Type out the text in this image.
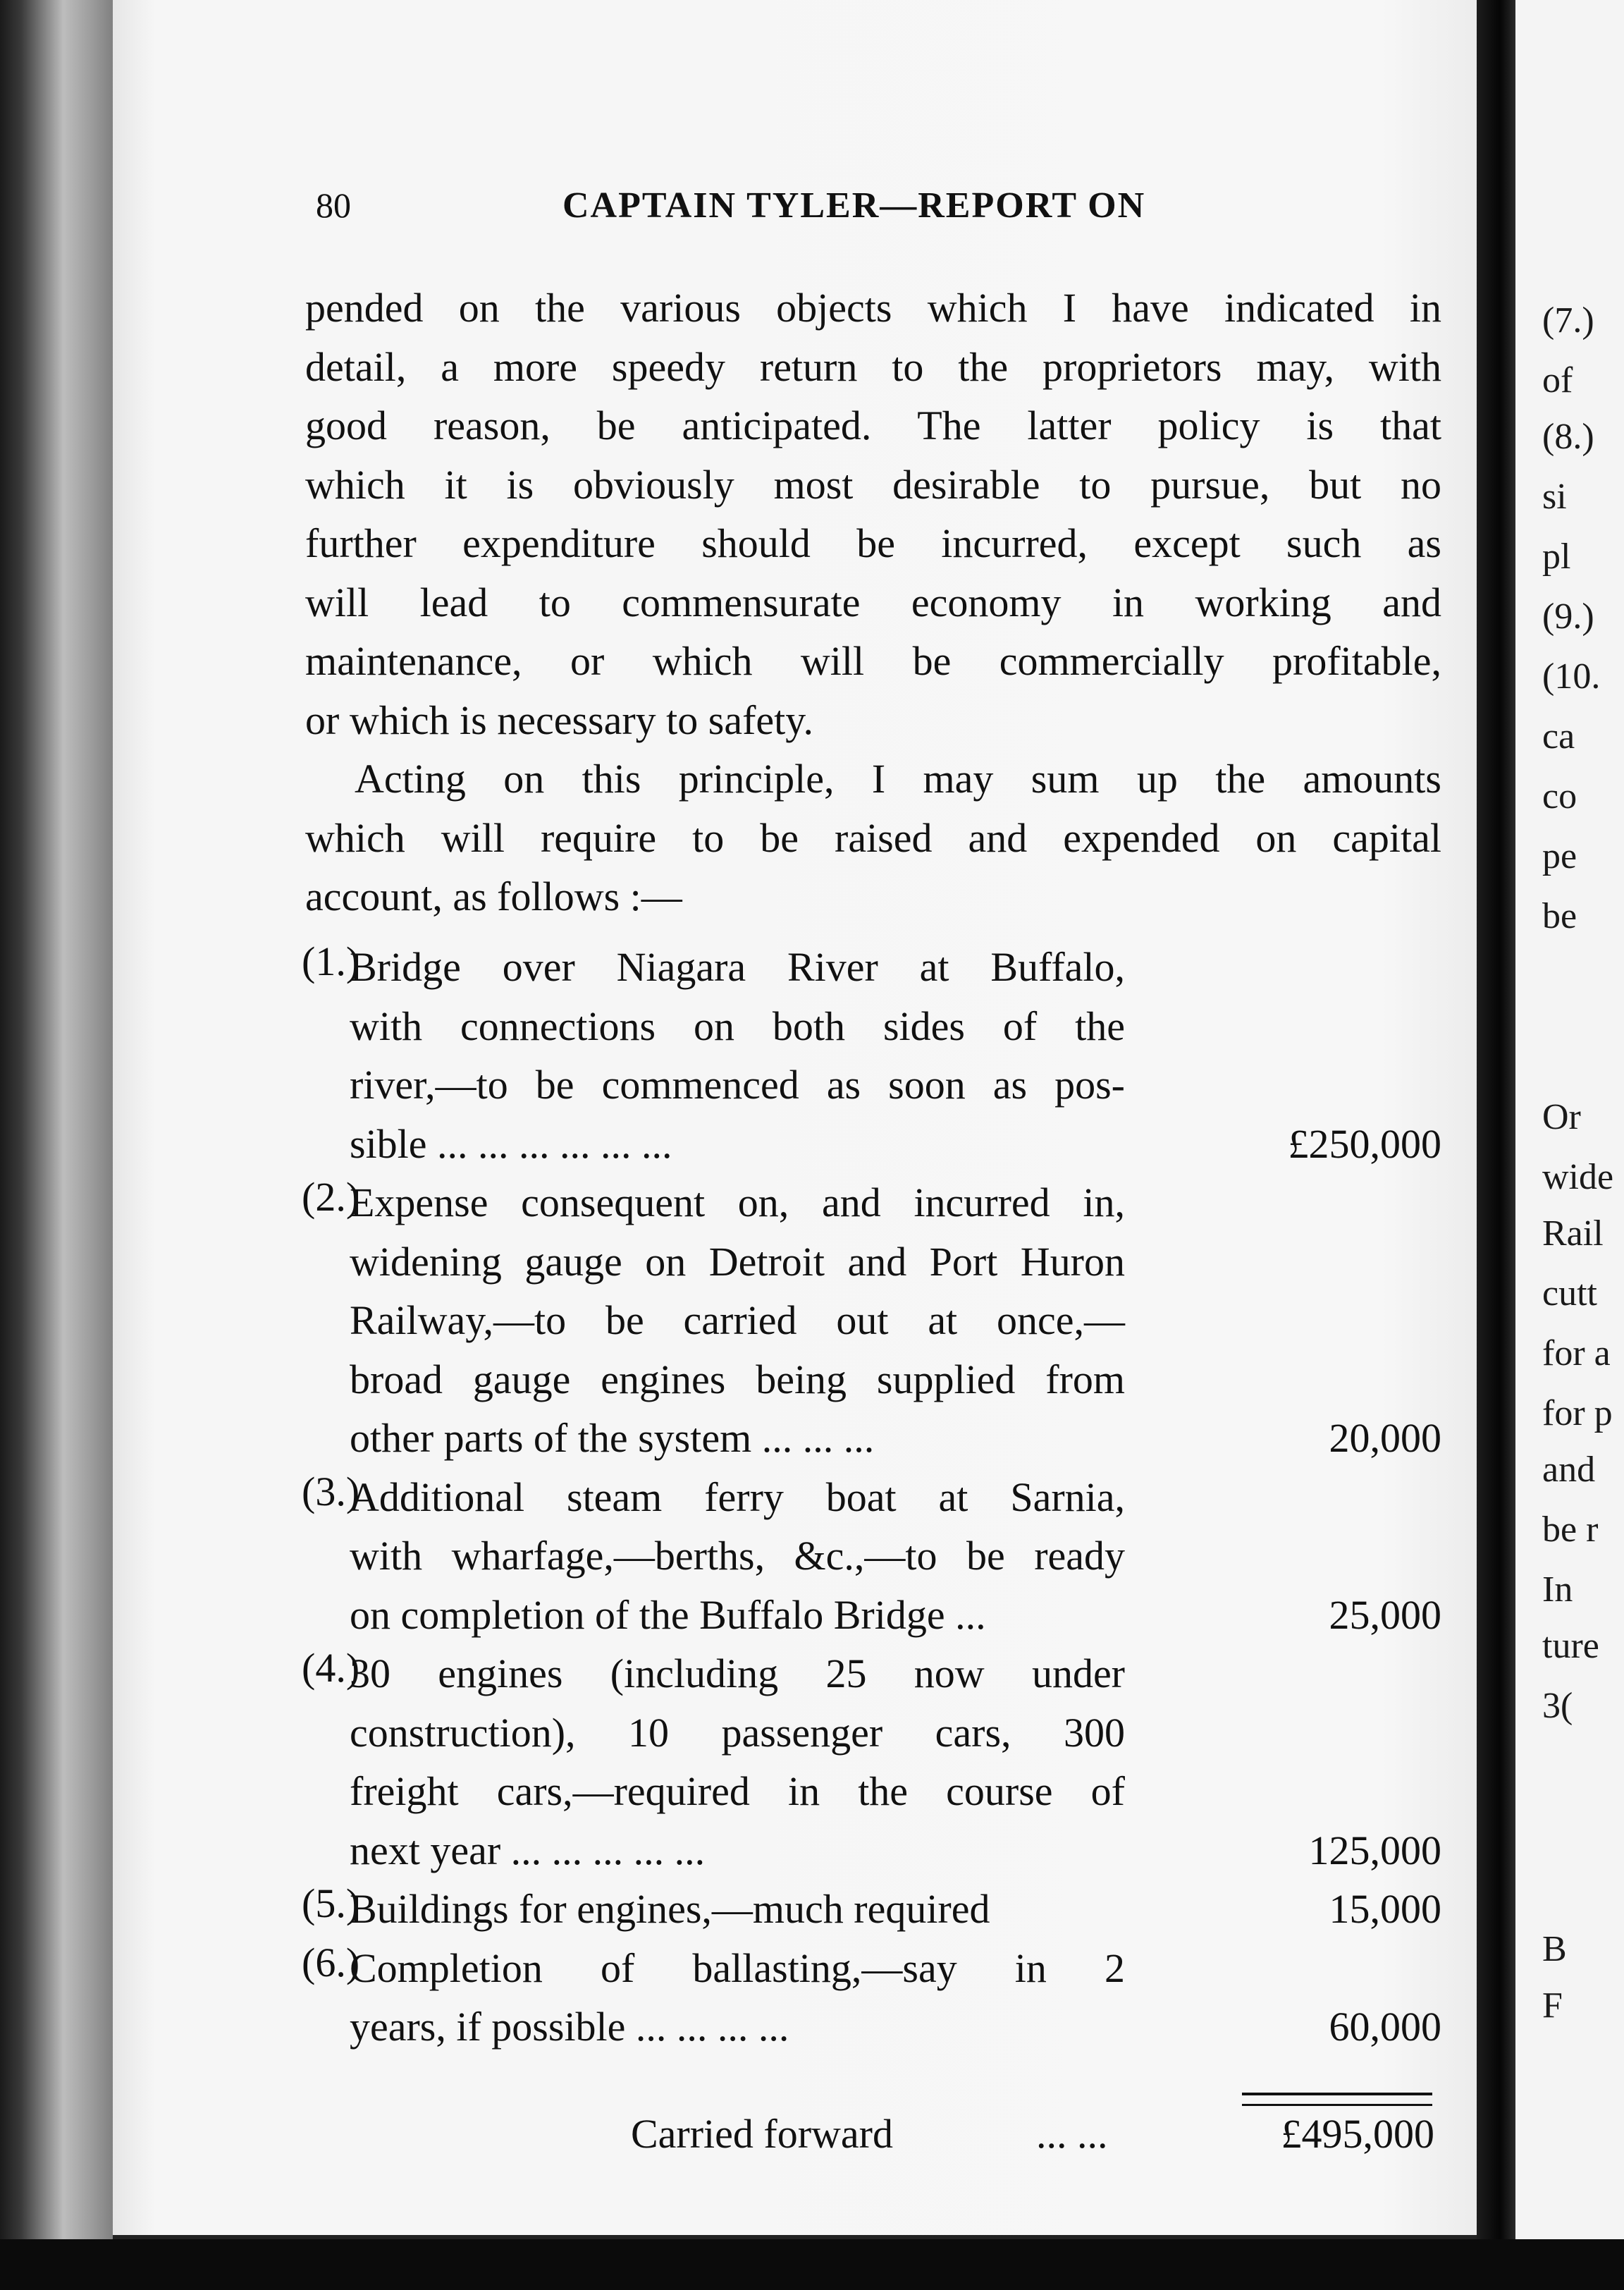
(7.)
of
(8.)
si
pl
(9.)
(10.
ca
co
pe
be
Or
wide
Rail
cutt
for a
for p
and
be r
In
ture
3(
B
F
80	CAPTAIN TYLER—REPORT ON
pended on the various objects which I have indicated in
detail, a more speedy return to the proprietors may, with
good reason, be anticipated. The latter policy is that
which it is obviously most desirable to pursue, but no
further expenditure should be incurred, except such as
will lead to commensurate economy in working and
maintenance, or which will be commercially profitable,
or which is necessary to safety.
Acting on this principle, I may sum up the amounts
which will require to be raised and expended on capital
account, as follows :—
(1.)
Bridge over Niagara River at Buffalo,
with connections on both sides of the
river,—to be commenced as soon as pos-
sible ... ... ... ... ... ...	£250,000
(2.)
Expense consequent on, and incurred in,
widening gauge on Detroit and Port Huron
Railway,—to be carried out at once,—
broad gauge engines being supplied from
other parts of the system ... ... ...	20,000
(3.)
Additional steam ferry boat at Sarnia,
with wharfage,—berths, &c.,—to be ready
on completion of the Buffalo Bridge ...	25,000
(4.)
30 engines (including 25 now under
construction), 10 passenger cars, 300
freight cars,—required in the course of
next year ... ... ... ... ...	125,000
(5.)
Buildings for engines,—much required	15,000
(6.)
Completion of ballasting,—say in 2
years, if possible ... ... ... ...	60,000
Carried forward	... ...	£495,000
